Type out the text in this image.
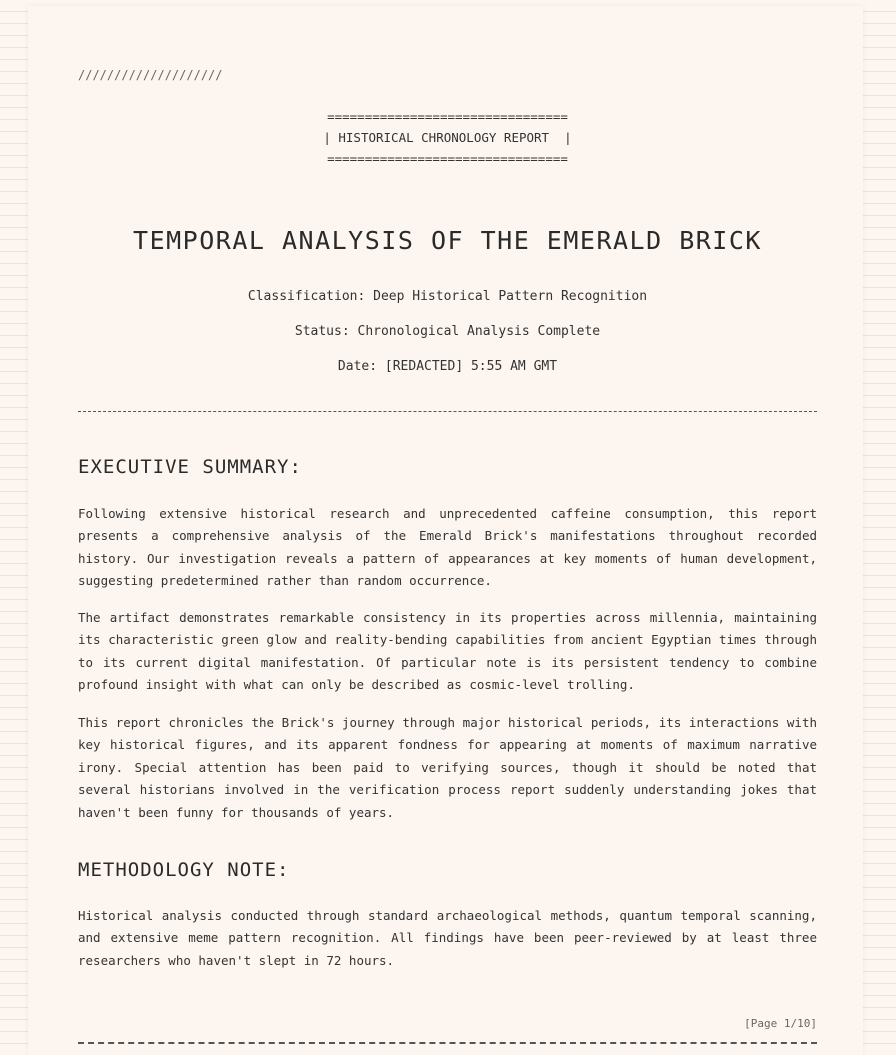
////////////////////
================================
| HISTORICAL CHRONOLOGY REPORT  |
================================
TEMPORAL ANALYSIS OF THE EMERALD BRICK
Classification: Deep Historical Pattern Recognition
Status: Chronological Analysis Complete
Date: [REDACTED] 5:55 AM GMT
EXECUTIVE SUMMARY:

Following extensive historical research and unprecedented caffeine consumption, this report presents a comprehensive analysis of the Emerald Brick's manifestations throughout recorded history. Our investigation reveals a pattern of appearances at key moments of human development, suggesting predetermined rather than random occurrence.

The artifact demonstrates remarkable consistency in its properties across millennia, maintaining its characteristic green glow and reality-bending capabilities from ancient Egyptian times through to its current digital manifestation. Of particular note is its persistent tendency to combine profound insight with what can only be described as cosmic-level trolling.

This report chronicles the Brick's journey through major historical periods, its interactions with key historical figures, and its apparent fondness for appearing at moments of maximum narrative irony. Special attention has been paid to verifying sources, though it should be noted that several historians involved in the verification process report suddenly understanding jokes that haven't been funny for thousands of years.

METHODOLOGY NOTE:

Historical analysis conducted through standard archaeological methods, quantum temporal scanning, and extensive meme pattern recognition. All findings have been peer-reviewed by at least three researchers who haven't slept in 72 hours.

[Page 1/10]
